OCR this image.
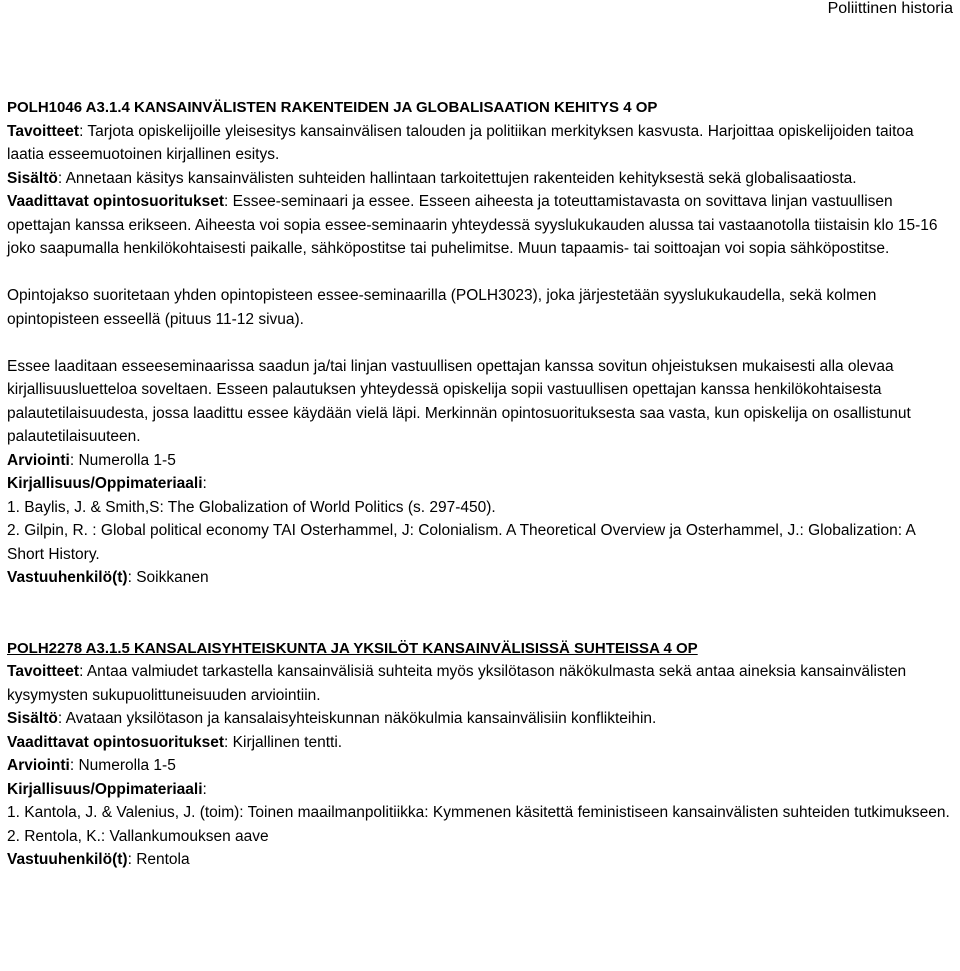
Poliittinen historia

POLH1046 A3.1.4 KANSAINVÄLISTEN RAKENTEIDEN JA GLOBALISAATION KEHITYS 4 OP

Tavoitteet: Tarjota opiskelijoille yleisesitys kansainvälisen talouden ja politiikan merkityksen kasvusta. Harjoittaa opiskelijoiden taitoa laatia esseemuotoinen kirjallinen esitys.

Sisältö: Annetaan käsitys kansainvälisten suhteiden hallintaan tarkoitettujen rakenteiden kehityksestä sekä globalisaatiosta.

Vaadittavat opintosuoritukset: Essee-seminaari ja essee. Esseen aiheesta ja toteuttamistavasta on sovittava linjan vastuullisen opettajan kanssa erikseen. Aiheesta voi sopia essee-seminaarin yhteydessä syyslukukauden alussa tai vastaanotolla tiistaisin klo 15-16 joko saapumalla henkilökohtaisesti paikalle, sähköpostitse tai puhelimitse. Muun tapaamis- tai soittoajan voi sopia sähköpostitse.

Opintojakso suoritetaan yhden opintopisteen essee-seminaarilla (POLH3023), joka järjestetään syyslukukaudella, sekä kolmen opintopisteen esseellä (pituus 11-12 sivua).

Essee laaditaan esseeseminaarissa saadun ja/tai linjan vastuullisen opettajan kanssa sovitun ohjeistuksen mukaisesti alla olevaa kirjallisuusluetteloa soveltaen. Esseen palautuksen yhteydessä opiskelija sopii vastuullisen opettajan kanssa henkilökohtaisesta palautetilaisuudesta, jossa laadittu essee käydään vielä läpi. Merkinnän opintosuorituksesta saa vasta, kun opiskelija on osallistunut palautetilaisuuteen.

Arviointi: Numerolla 1-5

Kirjallisuus/Oppimateriaali:

1. Baylis, J. & Smith,S: The Globalization of World Politics (s. 297-450).

2. Gilpin, R. : Global political economy TAI Osterhammel, J: Colonialism. A Theoretical Overview ja Osterhammel, J.: Globalization: A Short History.

Vastuuhenkilö(t): Soikkanen

POLH2278 A3.1.5 KANSALAISYHTEISKUNTA JA YKSILÖT KANSAINVÄLISISSÄ SUHTEISSA 4 OP

Tavoitteet: Antaa valmiudet tarkastella kansainvälisiä suhteita myös yksilötason näkökulmasta sekä antaa aineksia kansainvälisten kysymysten sukupuolittuneisuuden arviointiin.

Sisältö: Avataan yksilötason ja kansalaisyhteiskunnan näkökulmia kansainvälisiin konflikteihin.

Vaadittavat opintosuoritukset: Kirjallinen tentti.

Arviointi: Numerolla 1-5

Kirjallisuus/Oppimateriaali:

1. Kantola, J. & Valenius, J. (toim): Toinen maailmanpolitiikka: Kymmenen käsitettä feministiseen kansainvälisten suhteiden tutkimukseen.

2. Rentola, K.: Vallankumouksen aave

Vastuuhenkilö(t): Rentola
